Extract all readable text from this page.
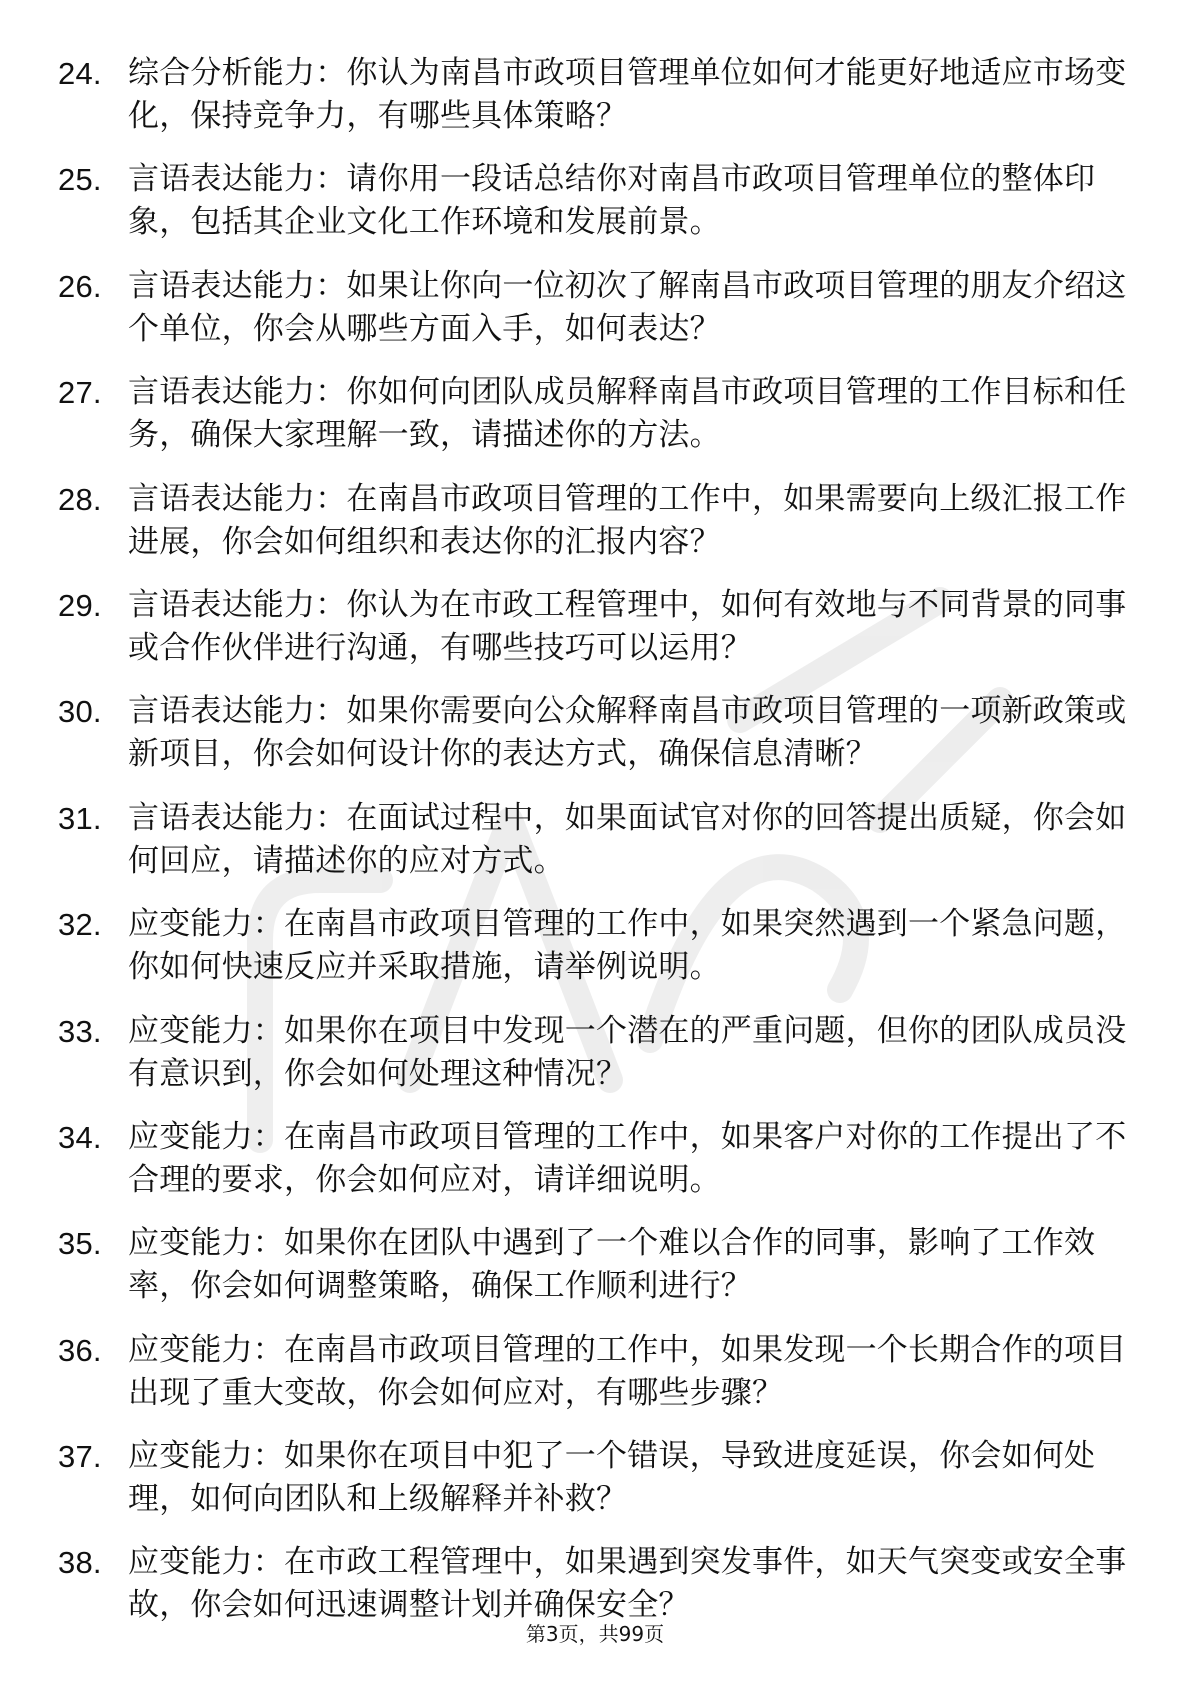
24. 综合分析能力：你认为南昌市政项目管理单位如何才能更好地适应市场变化，保持竞争力，有哪些具体策略？
25. 言语表达能力：请你用一段话总结你对南昌市政项目管理单位的整体印象，包括其企业文化工作环境和发展前景。
26. 言语表达能力：如果让你向一位初次了解南昌市政项目管理的朋友介绍这个单位，你会从哪些方面入手，如何表达？
27. 言语表达能力：你如何向团队成员解释南昌市政项目管理的工作目标和任务，确保大家理解一致，请描述你的方法。
28. 言语表达能力：在南昌市政项目管理的工作中，如果需要向上级汇报工作进展，你会如何组织和表达你的汇报内容？
29. 言语表达能力：你认为在市政工程管理中，如何有效地与不同背景的同事或合作伙伴进行沟通，有哪些技巧可以运用？
30. 言语表达能力：如果你需要向公众解释南昌市政项目管理的一项新政策或新项目，你会如何设计你的表达方式，确保信息清晰？
31. 言语表达能力：在面试过程中，如果面试官对你的回答提出质疑，你会如何回应，请描述你的应对方式。
32. 应变能力：在南昌市政项目管理的工作中，如果突然遇到一个紧急问题，你如何快速反应并采取措施，请举例说明。
33. 应变能力：如果你在项目中发现一个潜在的严重问题，但你的团队成员没有意识到，你会如何处理这种情况？
34. 应变能力：在南昌市政项目管理的工作中，如果客户对你的工作提出了不合理的要求，你会如何应对，请详细说明。
35. 应变能力：如果你在团队中遇到了一个难以合作的同事，影响了工作效率，你会如何调整策略，确保工作顺利进行？
36. 应变能力：在南昌市政项目管理的工作中，如果发现一个长期合作的项目出现了重大变故，你会如何应对，有哪些步骤？
37. 应变能力：如果你在项目中犯了一个错误，导致进度延误，你会如何处理，如何向团队和上级解释并补救？
38. 应变能力：在市政工程管理中，如果遇到突发事件，如天气突变或安全事故，你会如何迅速调整计划并确保安全？
第3页，共99页
